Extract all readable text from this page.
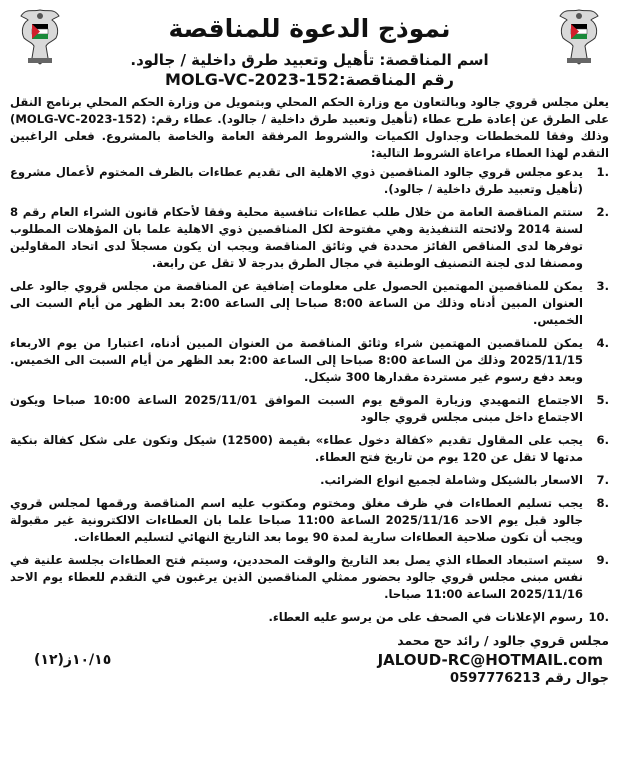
نموذج الدعوة للمناقصة
اسم المناقصة: تأهيل وتعبيد طرق داخلية / جالود.
رقم المناقصة:152-MOLG-VC-2023

يعلن مجلس قروي جالود وبالتعاون مع وزارة الحكم المحلي وبتمويل من وزارة الحكم المحلي برنامج النقل على الطرق عن إعادة طرح عطاء (تأهيل وتعبيد طرق داخلية / جالود). عطاء رقم: (152-MOLG-VC-2023) وذلك وفقا للمخططات وجداول الكميات والشروط المرفقة العامة والخاصة بالمشروع. فعلى الراغبين التقدم لهذا العطاء مراعاة الشروط التالية:

1.
يدعو مجلس قروي جالود المناقصين ذوي الاهلية الى تقديم عطاءات بالظرف المختوم لأعمال مشروع (تأهيل وتعبيد طرق داخلية / جالود).
2.
ستتم المناقصة العامة من خلال طلب عطاءات تنافسية محلية وفقا لأحكام قانون الشراء العام رقم 8 لسنة 2014 ولائحته التنفيذية وهي مفتوحة لكل المناقصين ذوي الاهلية علما بان المؤهلات المطلوب توفرها لدى المناقص الفائز محددة في وثائق المناقصة ويجب ان يكون مسجلاً لدى اتحاد المقاولين ومصنفا لدى لجنة التصنيف الوطنية في مجال الطرق بدرجة لا تقل عن رابعة.
3.
يمكن للمناقصين المهتمين الحصول على معلومات إضافية عن المناقصة من مجلس قروي جالود على العنوان المبين أدناه وذلك من الساعة 8:00 صباحا إلى الساعة 2:00 بعد الظهر من أيام السبت الى الخميس.
4.
يمكن للمناقصين المهتمين شراء وثائق المناقصة من العنوان المبين أدناه، اعتبارا من يوم الاربعاء 2025/11/15 وذلك من الساعة 8:00 صباحا إلى الساعة 2:00 بعد الظهر من أيام السبت الى الخميس. وبعد دفع رسوم غير مستردة مقدارها 300 شيكل.
5.
الاجتماع التمهيدي وزيارة الموقع يوم السبت الموافق 2025/11/01 الساعة 10:00 صباحا ويكون الاجتماع داخل مبنى مجلس قروي جالود
6.
يجب على المقاول تقديم «كفالة دخول عطاء» بقيمة (12500) شيكل وتكون على شكل كفالة بنكية مدتها لا تقل عن 120 يوم من تاريخ فتح العطاء.
7.
الاسعار بالشيكل وشاملة لجميع انواع الضرائب.
8.
يجب تسليم العطاءات في ظرف مغلق ومختوم ومكتوب عليه اسم المناقصة ورقمها لمجلس قروي جالود قبل يوم الاحد 2025/11/16 الساعة 11:00 صباحا علما بان العطاءات الالكترونية غير مقبولة ويجب أن تكون صلاحية العطاءات سارية لمدة 90 يوما بعد التاريخ النهائي لتسليم العطاءات.
9.
سيتم استبعاد العطاء الذي يصل بعد التاريخ والوقت المحددين، وسيتم فتح العطاءات بجلسة علنية في نفس مبنى مجلس قروي جالود بحضور ممثلي المناقصين الذين يرغبون في التقدم للعطاء يوم الاحد 2025/11/16 الساعة 11:00 صباحا.
10.
رسوم الإعلانات في الصحف على من يرسو عليه العطاء.
مجلس قروي جالود / رائد حج محمد
(١٢)١٠/١٥ز	JALOUD-RC@HOTMAIL.com
جوال رقم 0597776213
